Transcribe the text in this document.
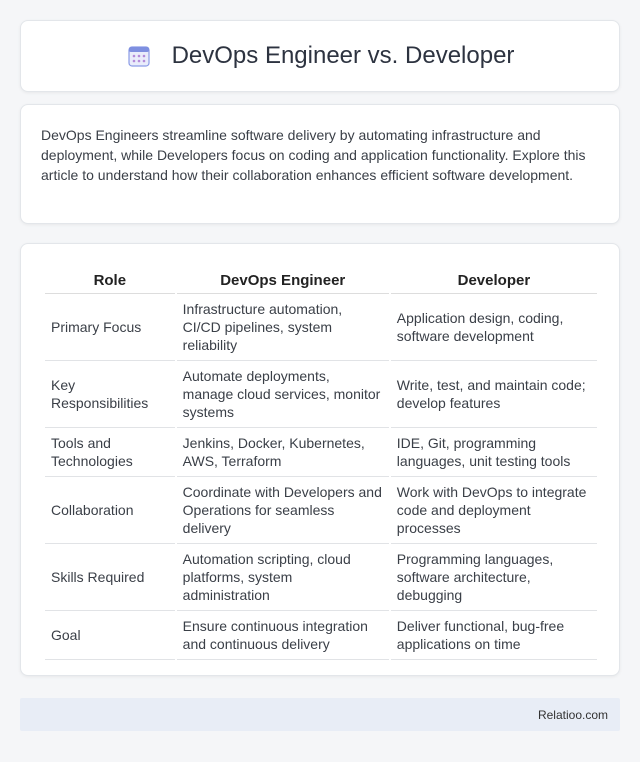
DevOps Engineer vs. Developer

DevOps Engineers streamline software delivery by automating infrastructure and deployment, while Developers focus on coding and application functionality. Explore this article to understand how their collaboration enhances efficient software development.

Role	DevOps Engineer	Developer
Primary Focus	Infrastructure automation, CI/CD pipelines, system reliability	Application design, coding, software development
Key Responsibilities	Automate deployments, manage cloud services, monitor systems	Write, test, and maintain code; develop features
Tools and Technologies	Jenkins, Docker, Kubernetes, AWS, Terraform	IDE, Git, programming languages, unit testing tools
Collaboration	Coordinate with Developers and Operations for seamless delivery	Work with DevOps to integrate code and deployment processes
Skills Required	Automation scripting, cloud platforms, system administration	Programming languages, software architecture, debugging
Goal	Ensure continuous integration and continuous delivery	Deliver functional, bug-free applications on time
Relatioo.com
